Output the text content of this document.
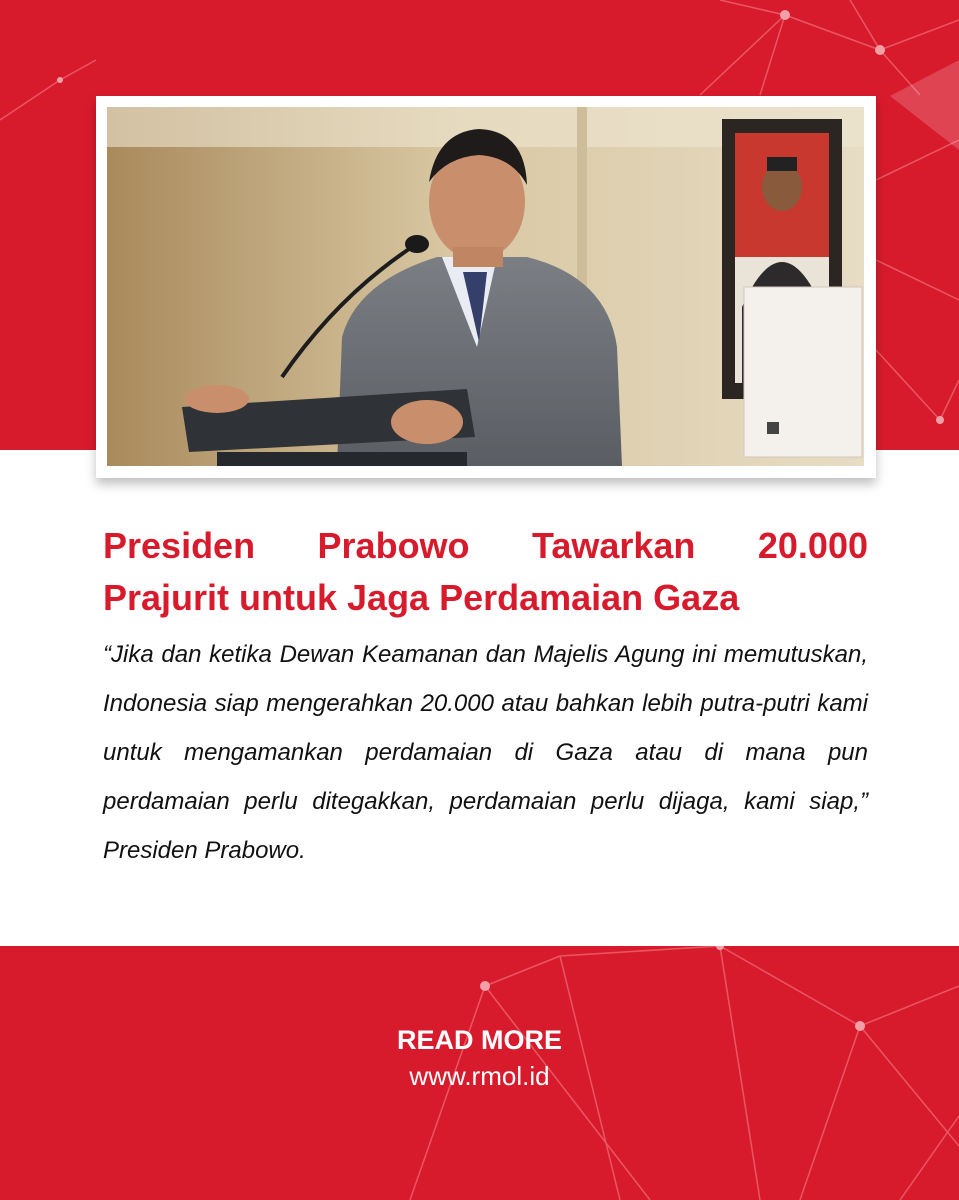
Presiden Prabowo Tawarkan 20.000
Prajurit untuk Jaga Perdamaian Gaza

“Jika dan ketika Dewan Keamanan dan Majelis Agung ini memutuskan, Indonesia siap mengerahkan 20.000 atau bahkan lebih putra-putri kami untuk mengamankan perdamaian di Gaza atau di mana pun perdamaian perlu ditegakkan, perdamaian perlu dijaga, kami siap,” Presiden Prabowo.

READ MORE
www.rmol.id
